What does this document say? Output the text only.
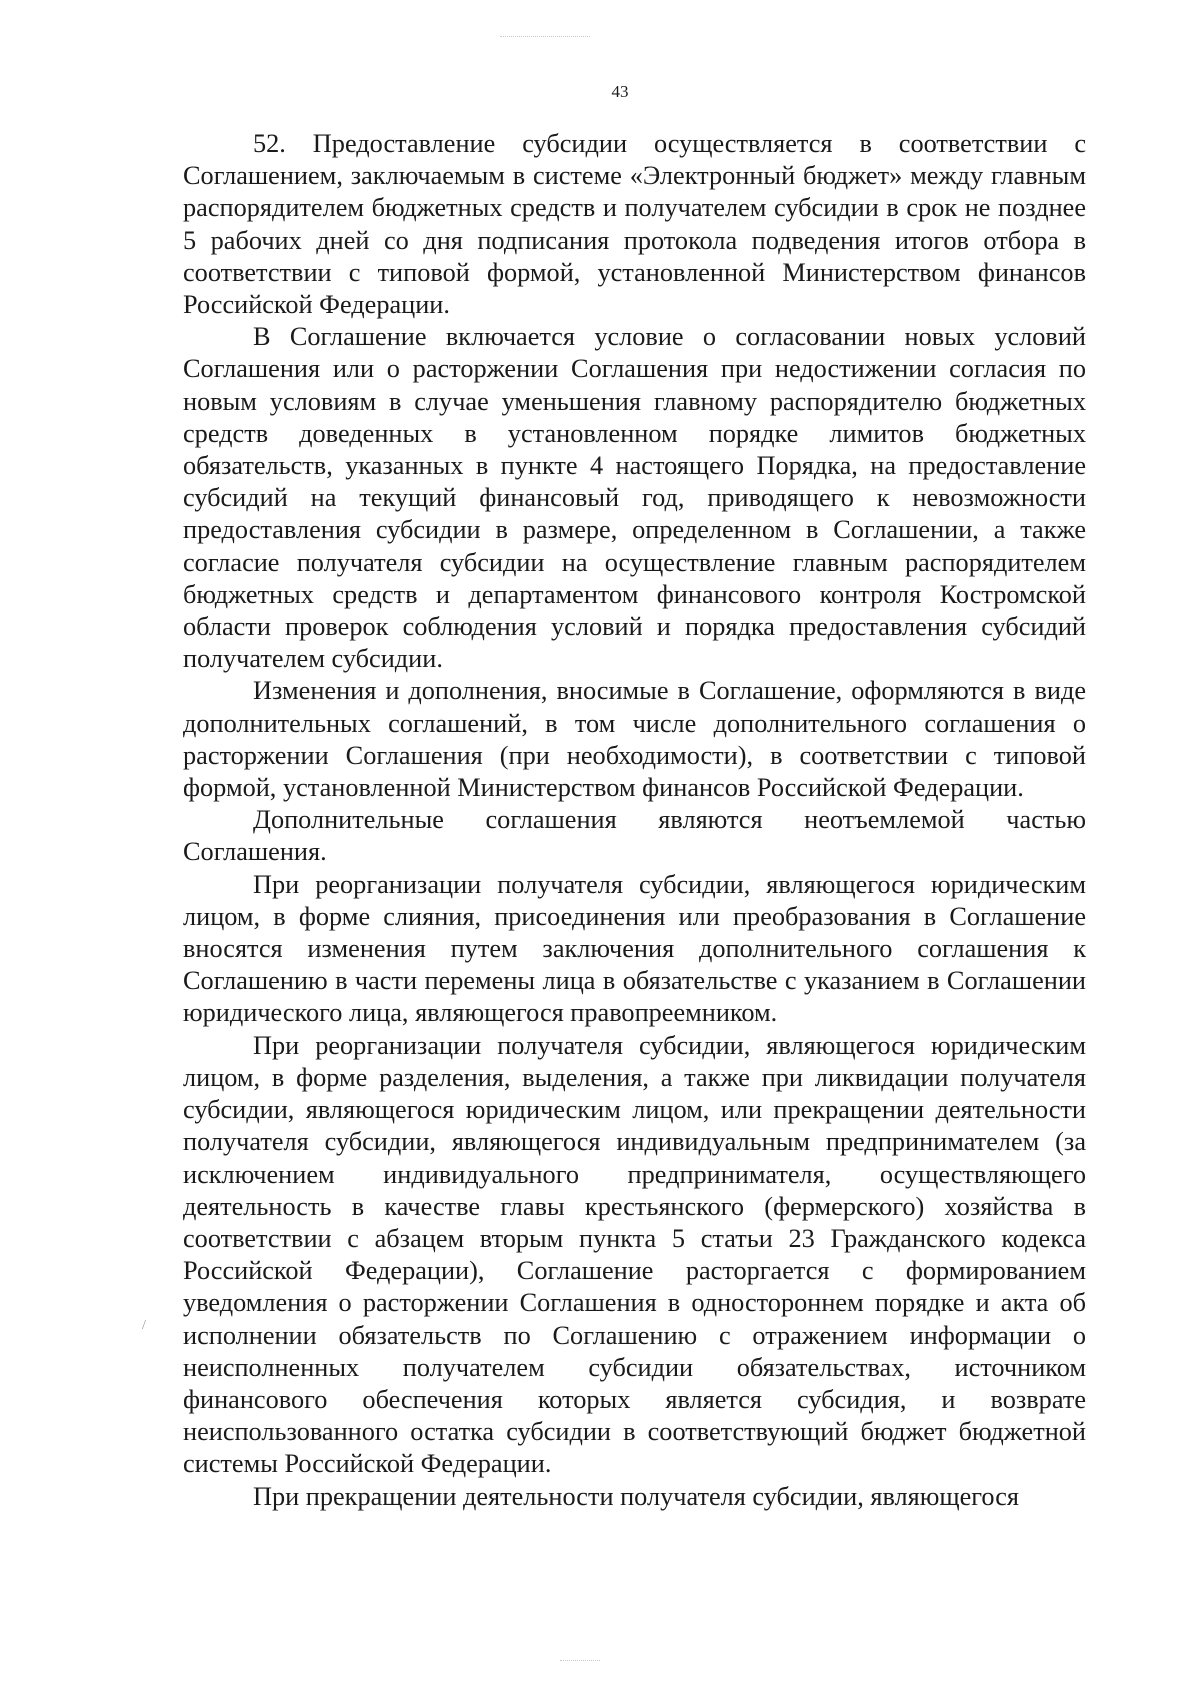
/
43

52. Предоставление субсидии осуществляется в соответствии с Соглашением, заключаемым в системе «Электронный бюджет» между главным распорядителем бюджетных средств и получателем субсидии в срок не позднее 5 рабочих дней со дня подписания протокола подведения итогов отбора в соответствии с типовой формой, установленной Министерством финансов Российской Федерации.

В Соглашение включается условие о согласовании новых условий Соглашения или о расторжении Соглашения при недостижении согласия по новым условиям в случае уменьшения главному распорядителю бюджетных средств доведенных в установленном порядке лимитов бюджетных обязательств, указанных в пункте 4 настоящего Порядка, на предоставление субсидий на текущий финансовый год, приводящего к невозможности предоставления субсидии в размере, определенном в Соглашении, а также согласие получателя субсидии на осуществление главным распорядителем бюджетных средств и департаментом финансового контроля Костромской области проверок соблюдения условий и порядка предоставления субсидий получателем субсидии.

Изменения и дополнения, вносимые в Соглашение, оформляются в виде дополнительных соглашений, в том числе дополнительного соглашения о расторжении Соглашения (при необходимости), в соответствии с типовой формой, установленной Министерством финансов Российской Федерации.

Дополнительные соглашения являются неотъемлемой частью Соглашения.

При реорганизации получателя субсидии, являющегося юридическим лицом, в форме слияния, присоединения или преобразования в Соглашение вносятся изменения путем заключения дополнительного соглашения к Соглашению в части перемены лица в обязательстве с указанием в Соглашении юридического лица, являющегося правопреемником.

При реорганизации получателя субсидии, являющегося юридическим лицом, в форме разделения, выделения, а также при ликвидации получателя субсидии, являющегося юридическим лицом, или прекращении деятельности получателя субсидии, являющегося индивидуальным предпринимателем (за исключением индивидуального предпринимателя, осуществляющего деятельность в качестве главы крестьянского (фермерского) хозяйства в соответствии с абзацем вторым пункта 5 статьи 23 Гражданского кодекса Российской Федерации), Соглашение расторгается с формированием уведомления о расторжении Соглашения в одностороннем порядке и акта об исполнении обязательств по Соглашению с отражением информации о неисполненных получателем субсидии обязательствах, источником финансового обеспечения которых является субсидия, и возврате неиспользованного остатка субсидии в соответствующий бюджет бюджетной системы Российской Федерации.

При прекращении деятельности получателя субсидии, являющегося
